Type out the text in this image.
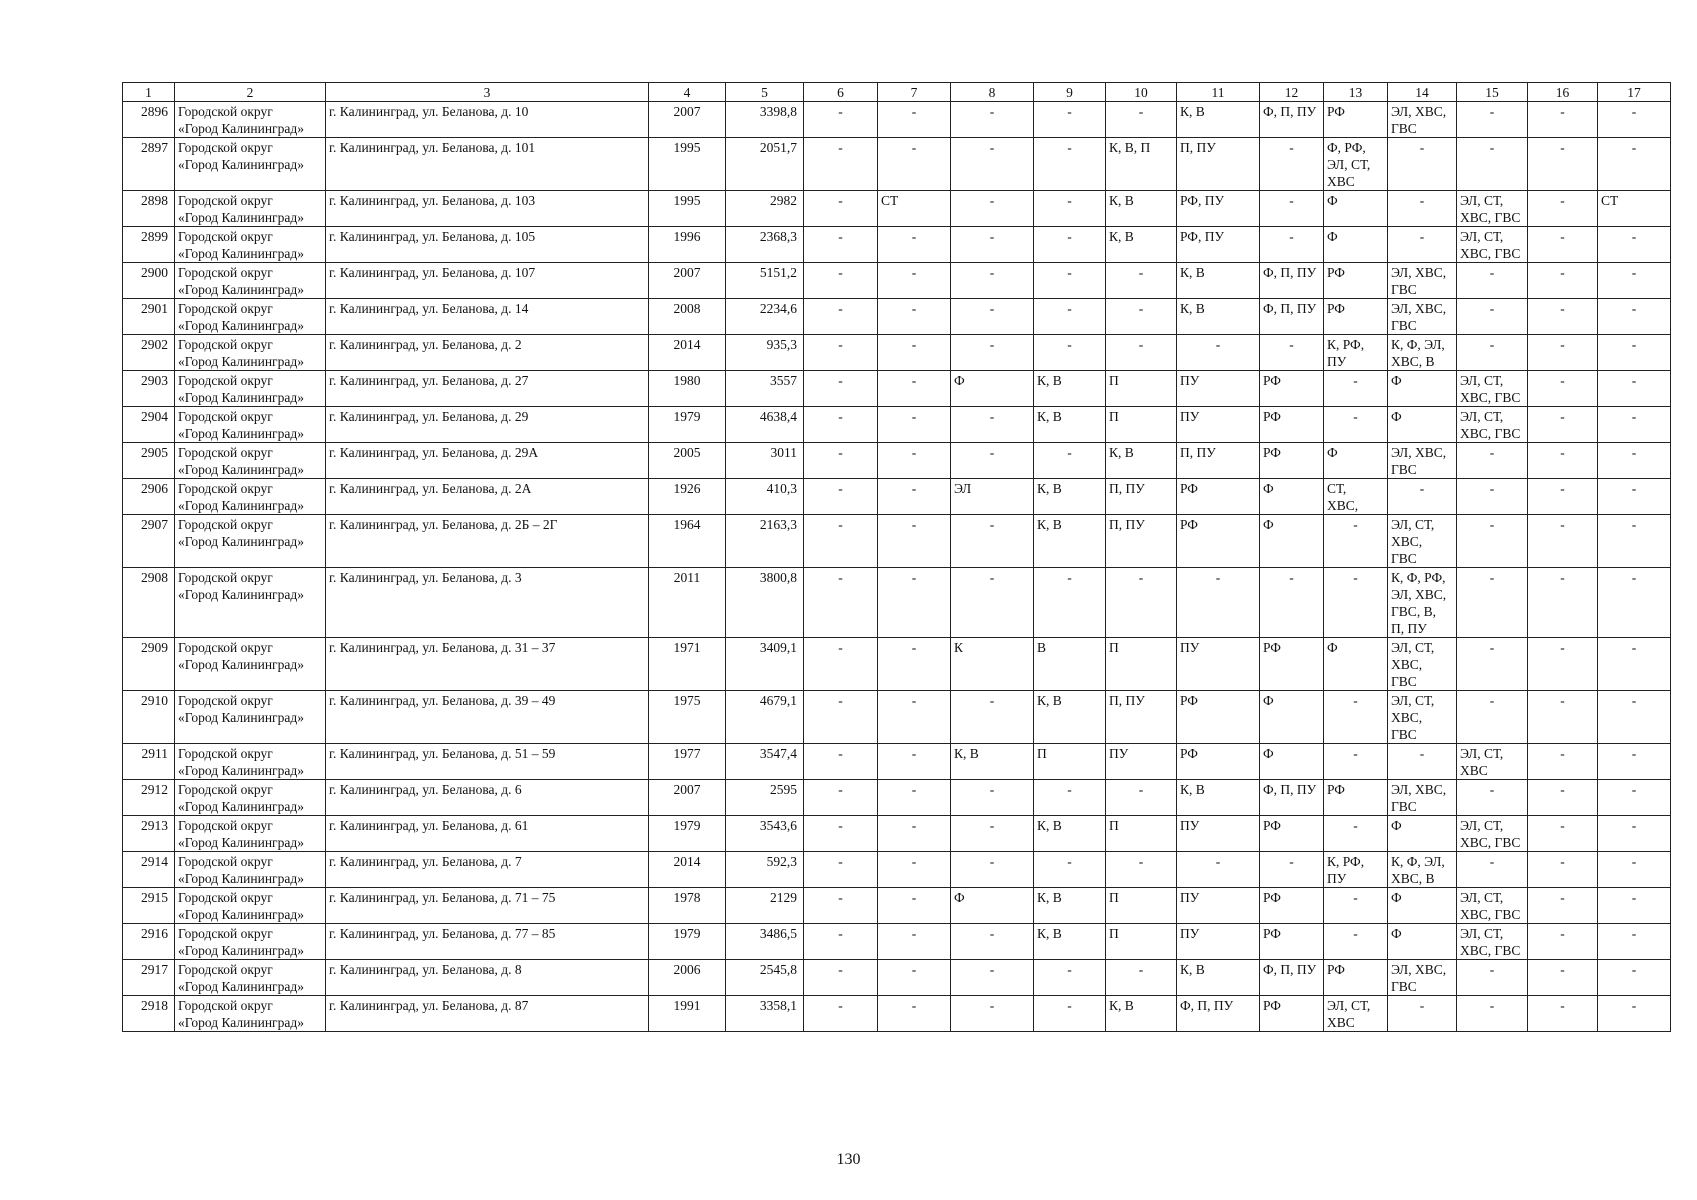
1	2	3	4	5	6	7	8	9	10	11	12	13	14	15	16	17
2896	Городской округ
«Город Калининград»	г. Калининград, ул. Беланова, д. 10	2007	3398,8	-	-	-	-	-	К, В	Ф, П, ПУ	РФ	ЭЛ, ХВС,
ГВС	-	-	-
2897	Городской округ
«Город Калининград»	г. Калининград, ул. Беланова, д. 101	1995	2051,7	-	-	-	-	К, В, П	П, ПУ	-	Ф, РФ,
ЭЛ, СТ,
ХВС	-	-	-	-
2898	Городской округ
«Город Калининград»	г. Калининград, ул. Беланова, д. 103	1995	2982	-	СТ	-	-	К, В	РФ, ПУ	-	Ф	-	ЭЛ, СТ,
ХВС, ГВС	-	СТ
2899	Городской округ
«Город Калининград»	г. Калининград, ул. Беланова, д. 105	1996	2368,3	-	-	-	-	К, В	РФ, ПУ	-	Ф	-	ЭЛ, СТ,
ХВС, ГВС	-	-
2900	Городской округ
«Город Калининград»	г. Калининград, ул. Беланова, д. 107	2007	5151,2	-	-	-	-	-	К, В	Ф, П, ПУ	РФ	ЭЛ, ХВС,
ГВС	-	-	-
2901	Городской округ
«Город Калининград»	г. Калининград, ул. Беланова, д. 14	2008	2234,6	-	-	-	-	-	К, В	Ф, П, ПУ	РФ	ЭЛ, ХВС,
ГВС	-	-	-
2902	Городской округ
«Город Калининград»	г. Калининград, ул. Беланова, д. 2	2014	935,3	-	-	-	-	-	-	-	К, РФ,
ПУ	К, Ф, ЭЛ,
ХВС, В	-	-	-
2903	Городской округ
«Город Калининград»	г. Калининград, ул. Беланова, д. 27	1980	3557	-	-	Ф	К, В	П	ПУ	РФ	-	Ф	ЭЛ, СТ,
ХВС, ГВС	-	-
2904	Городской округ
«Город Калининград»	г. Калининград, ул. Беланова, д. 29	1979	4638,4	-	-	-	К, В	П	ПУ	РФ	-	Ф	ЭЛ, СТ,
ХВС, ГВС	-	-
2905	Городской округ
«Город Калининград»	г. Калининград, ул. Беланова, д. 29А	2005	3011	-	-	-	-	К, В	П, ПУ	РФ	Ф	ЭЛ, ХВС,
ГВС	-	-	-
2906	Городской округ
«Город Калининград»	г. Калининград, ул. Беланова, д. 2А	1926	410,3	-	-	ЭЛ	К, В	П, ПУ	РФ	Ф	СТ,
ХВС,	-	-	-	-
2907	Городской округ
«Город Калининград»	г. Калининград, ул. Беланова, д. 2Б – 2Г	1964	2163,3	-	-	-	К, В	П, ПУ	РФ	Ф	-	ЭЛ, СТ,
ХВС,
ГВС	-	-	-
2908	Городской округ
«Город Калининград»	г. Калининград, ул. Беланова, д. 3	2011	3800,8	-	-	-	-	-	-	-	-	К, Ф, РФ,
ЭЛ, ХВС,
ГВС, В,
П, ПУ	-	-	-
2909	Городской округ
«Город Калининград»	г. Калининград, ул. Беланова, д. 31 – 37	1971	3409,1	-	-	К	В	П	ПУ	РФ	Ф	ЭЛ, СТ,
ХВС,
ГВС	-	-	-
2910	Городской округ
«Город Калининград»	г. Калининград, ул. Беланова, д. 39 – 49	1975	4679,1	-	-	-	К, В	П, ПУ	РФ	Ф	-	ЭЛ, СТ,
ХВС,
ГВС	-	-	-
2911	Городской округ
«Город Калининград»	г. Калининград, ул. Беланова, д. 51 – 59	1977	3547,4	-	-	К, В	П	ПУ	РФ	Ф	-	-	ЭЛ, СТ,
ХВС	-	-
2912	Городской округ
«Город Калининград»	г. Калининград, ул. Беланова, д. 6	2007	2595	-	-	-	-	-	К, В	Ф, П, ПУ	РФ	ЭЛ, ХВС,
ГВС	-	-	-
2913	Городской округ
«Город Калининград»	г. Калининград, ул. Беланова, д. 61	1979	3543,6	-	-	-	К, В	П	ПУ	РФ	-	Ф	ЭЛ, СТ,
ХВС, ГВС	-	-
2914	Городской округ
«Город Калининград»	г. Калининград, ул. Беланова, д. 7	2014	592,3	-	-	-	-	-	-	-	К, РФ,
ПУ	К, Ф, ЭЛ,
ХВС, В	-	-	-
2915	Городской округ
«Город Калининград»	г. Калининград, ул. Беланова, д. 71 – 75	1978	2129	-	-	Ф	К, В	П	ПУ	РФ	-	Ф	ЭЛ, СТ,
ХВС, ГВС	-	-
2916	Городской округ
«Город Калининград»	г. Калининград, ул. Беланова, д. 77 – 85	1979	3486,5	-	-	-	К, В	П	ПУ	РФ	-	Ф	ЭЛ, СТ,
ХВС, ГВС	-	-
2917	Городской округ
«Город Калининград»	г. Калининград, ул. Беланова, д. 8	2006	2545,8	-	-	-	-	-	К, В	Ф, П, ПУ	РФ	ЭЛ, ХВС,
ГВС	-	-	-
2918	Городской округ
«Город Калининград»	г. Калининград, ул. Беланова, д. 87	1991	3358,1	-	-	-	-	К, В	Ф, П, ПУ	РФ	ЭЛ, СТ,
ХВС	-	-	-	-
130
